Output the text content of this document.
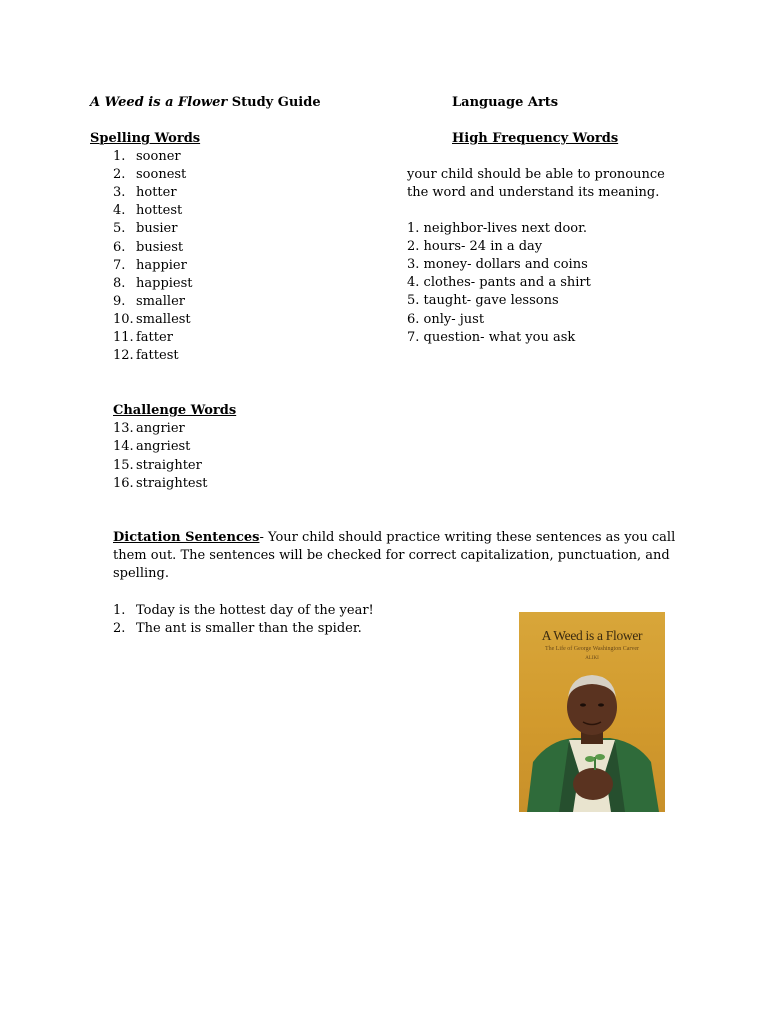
A Weed is a Flower Study Guide	Language Arts
Spelling Words
1. sooner
2. soonest
3. hotter
4. hottest
5. busier
6. busiest
7. happier
8. happiest
9. smaller
10. smallest
11. fatter
12. fattest
High Frequency Words
your child should be able to pronounce
the word and understand its meaning.
1. neighbor-lives next door.
2. hours- 24 in a day
3. money- dollars and coins
4. clothes- pants and a shirt
5. taught- gave lessons
6. only- just
7. question- what you ask
Challenge Words
13. angrier
14. angriest
15. straighter
16. straightest
Dictation Sentences- Your child should practice writing these sentences as you call
them out. The sentences will be checked for correct capitalization, punctuation, and
spelling.
1. Today is the hottest day of the year!
2. The ant is smaller than the spider.	A Weed is a Flower
The Life of George Washington Carver
ALIKI
